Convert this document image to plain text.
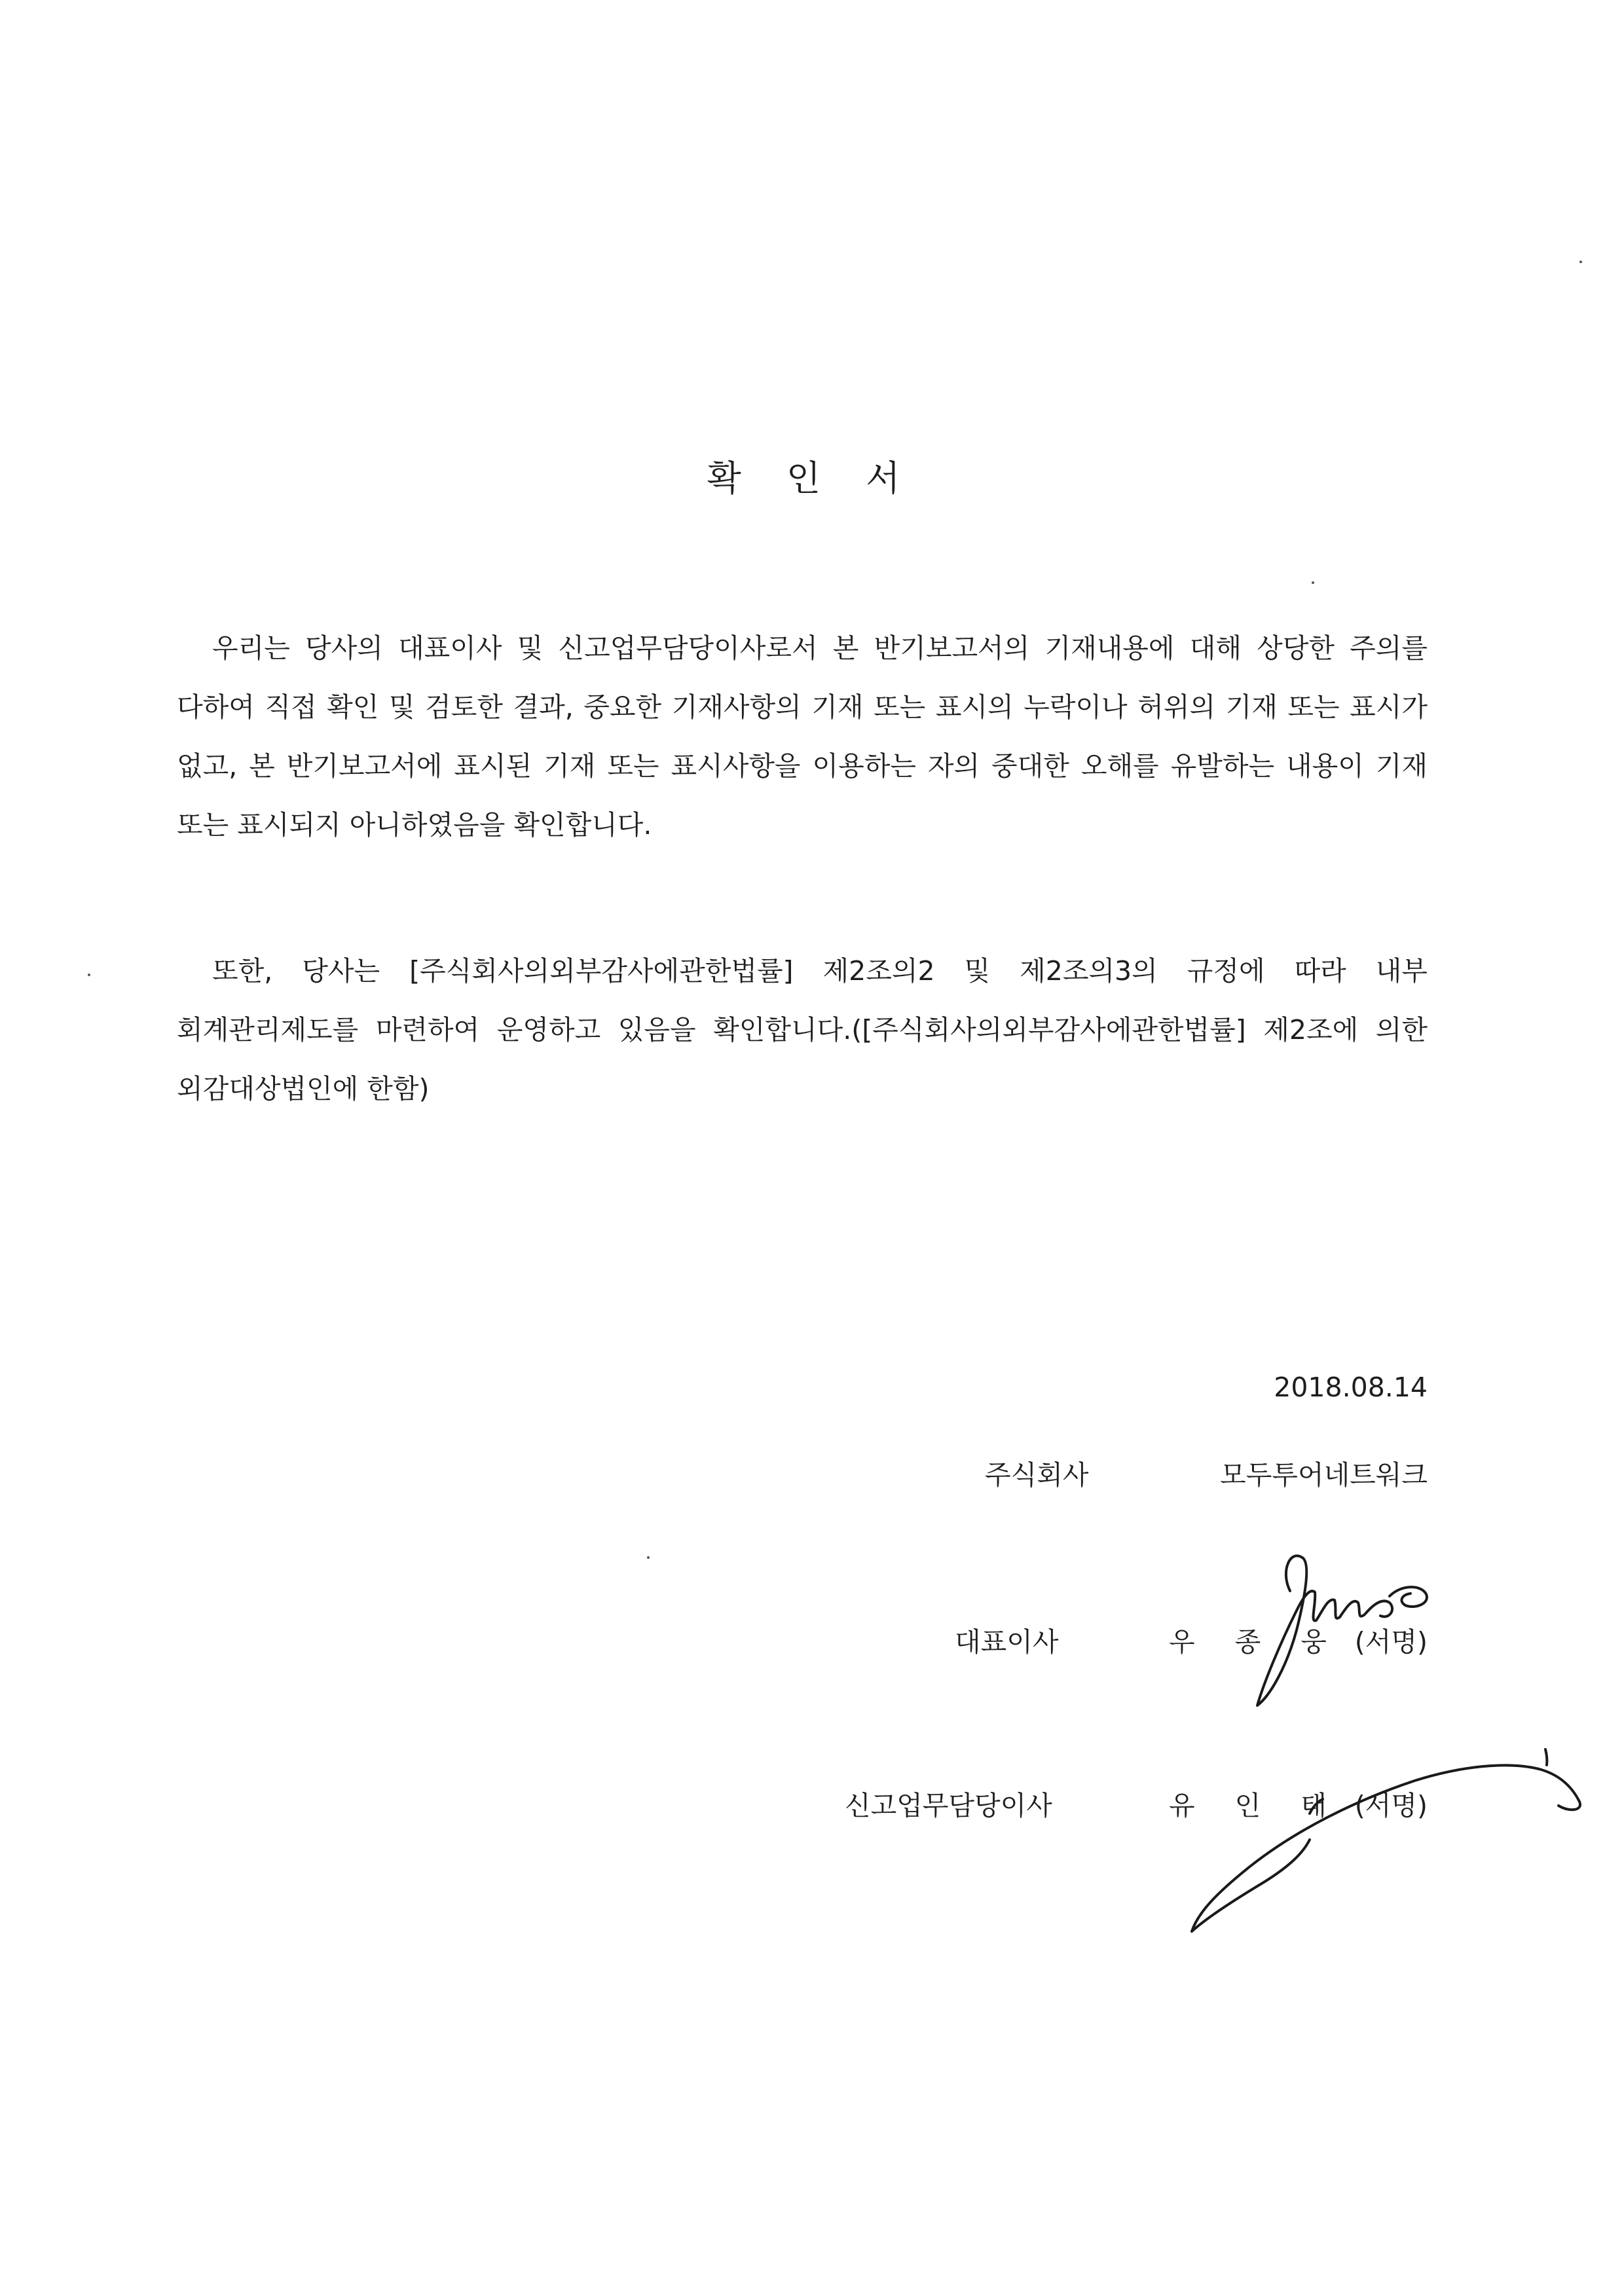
확 인 서

우리는 당사의 대표이사 및 신고업무담당이사로서 본 반기보고서의 기재내용에 대해 상당한 주의를 다하여 직접 확인 및 검토한 결과, 중요한 기재사항의 기재 또는 표시의 누락이나 허위의 기재 또는 표시가 없고, 본 반기보고서에 표시된 기재 또는 표시사항을 이용하는 자의 중대한 오해를 유발하는 내용이 기재 또는 표시되지 아니하였음을 확인합니다.

또한, 당사는 [주식회사의외부감사에관한법률] 제2조의2 및 제2조의3의 규정에 따라 내부 회계관리제도를 마련하여 운영하고 있음을 확인합니다.([주식회사의외부감사에관한법률] 제2조에 의한 외감대상법인에 한함)

2018.08.14
주식회사	모두투어네트워크
대표이사	우 종 웅 (서명)
신고업무담당이사	유 인 태 (서명)
